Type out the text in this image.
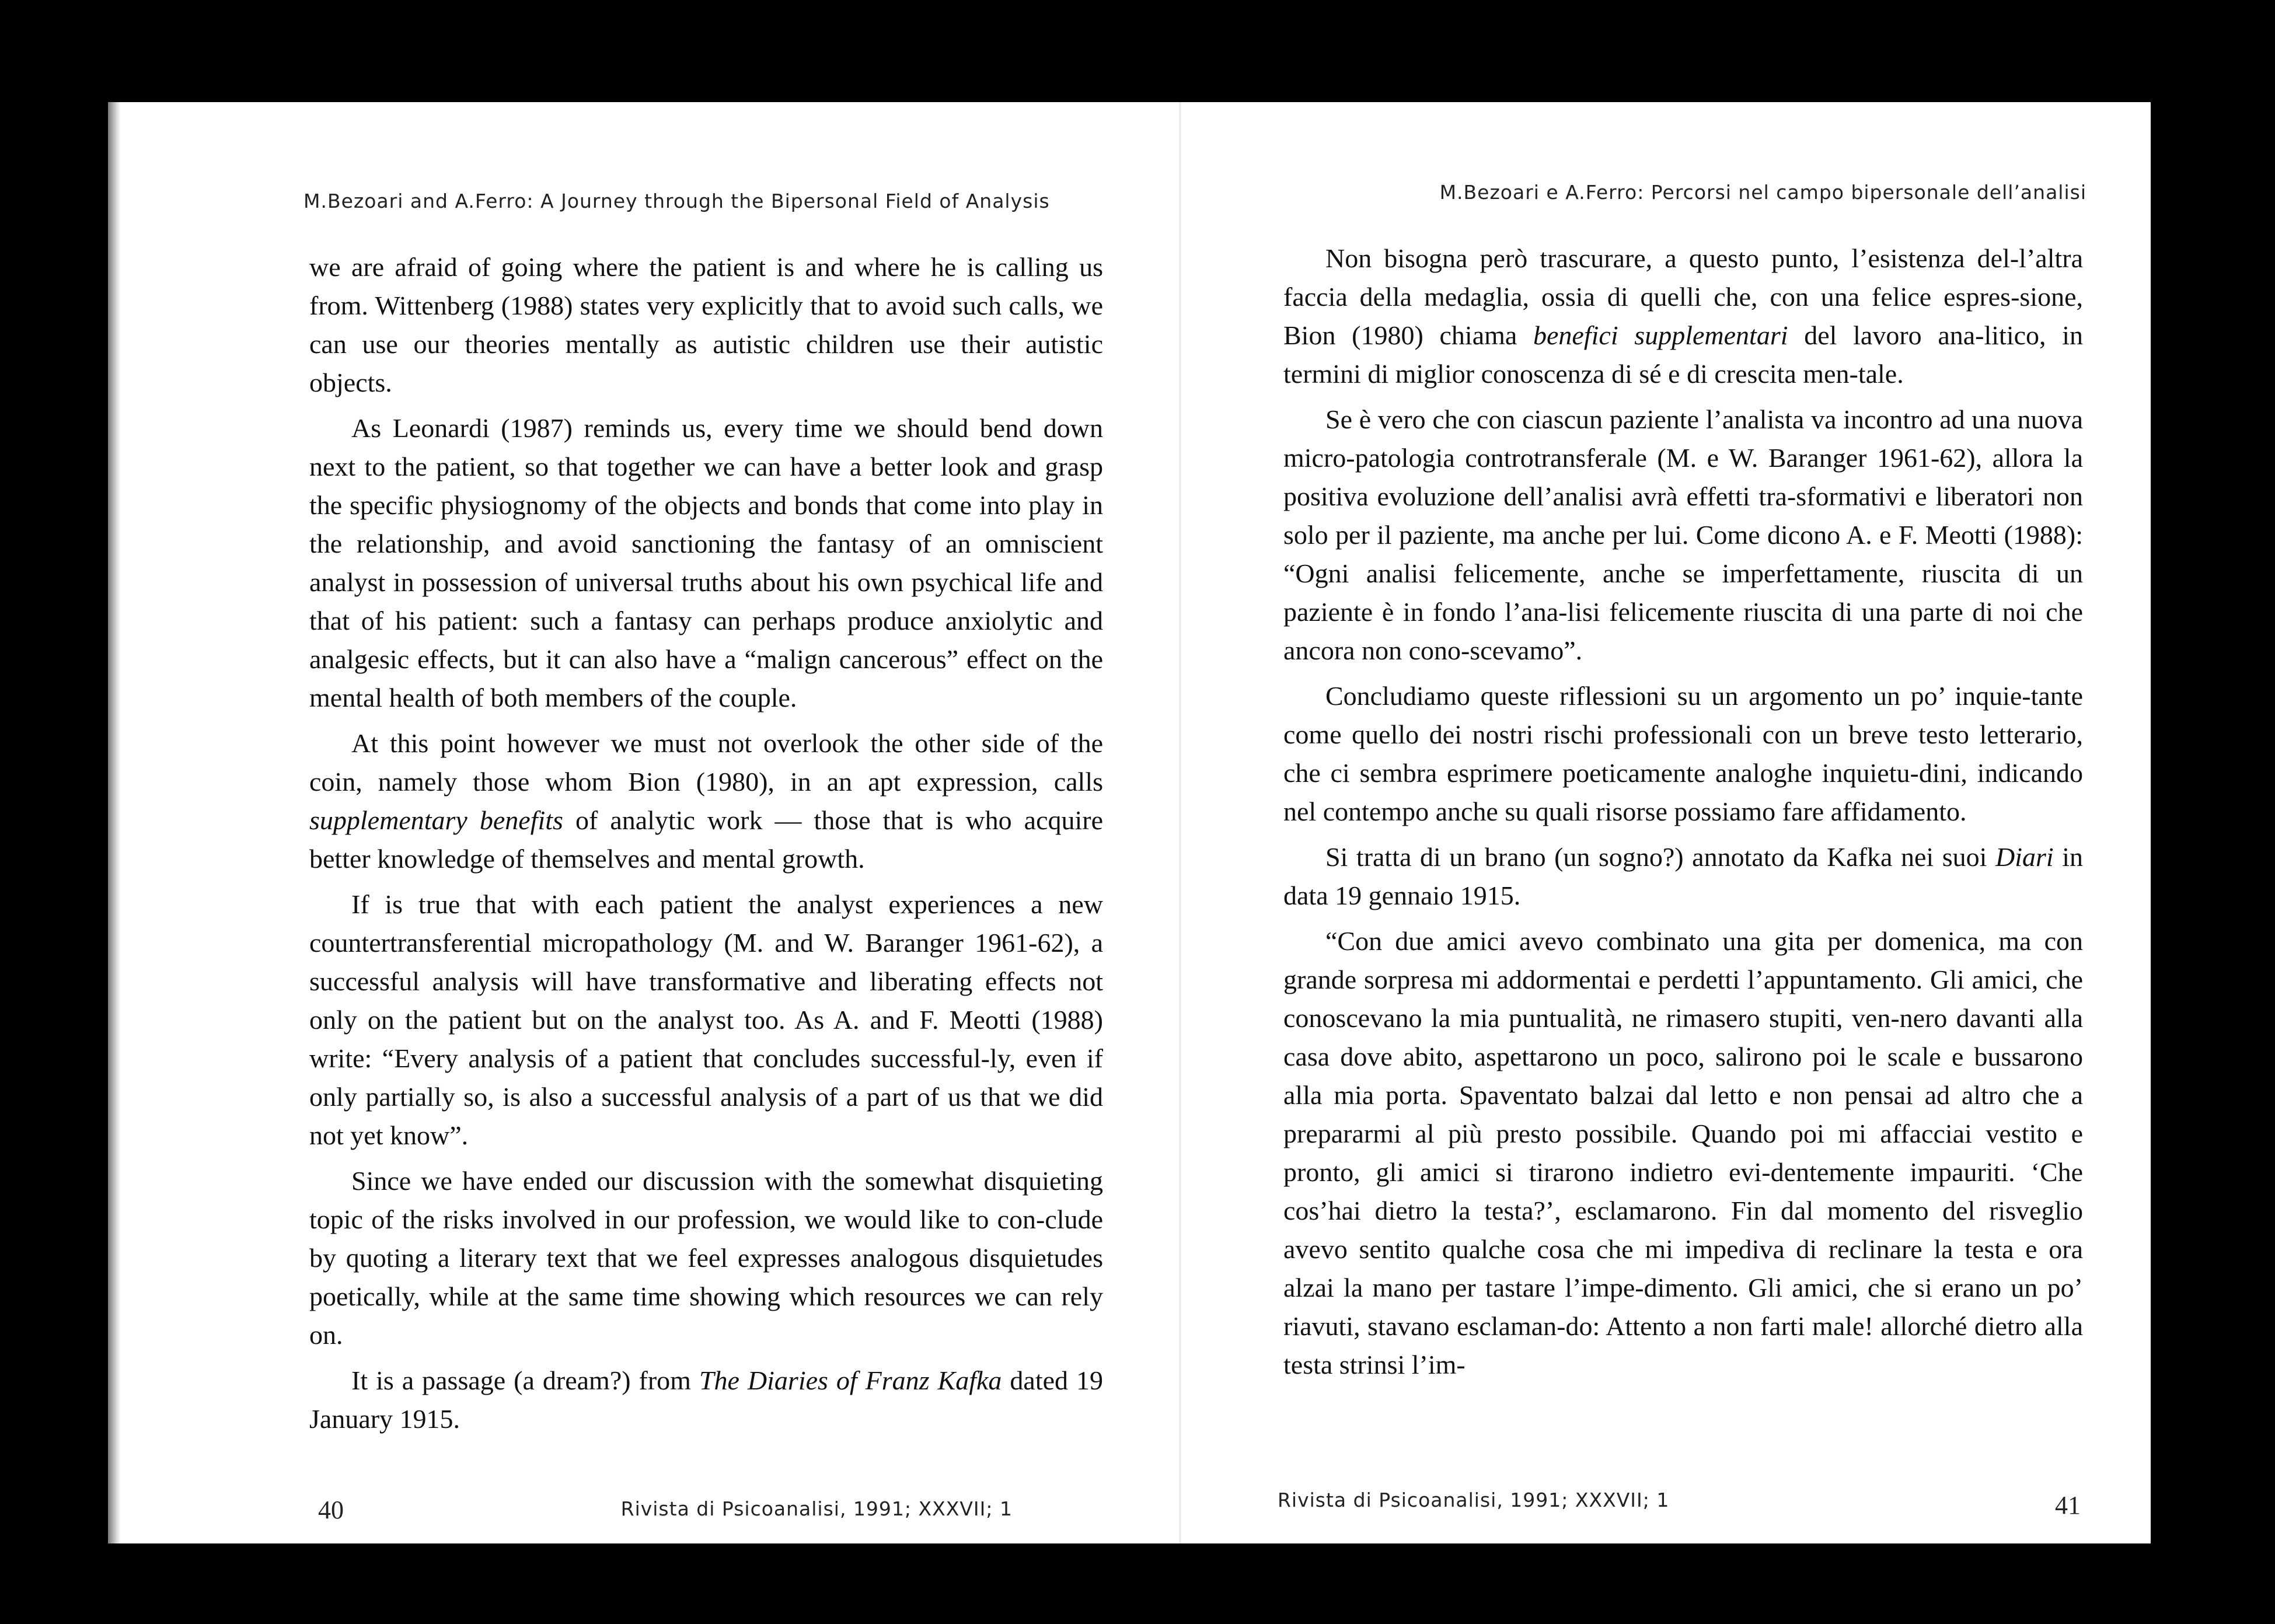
M.Bezoari and A.Ferro: A Journey through the Bipersonal Field of Analysis

we are afraid of going where the patient is and where he is calling us from. Wittenberg (1988) states very explicitly that to avoid such calls, we can use our theories mentally as autistic children use their autistic objects.

As Leonardi (1987) reminds us, every time we should bend down next to the patient, so that together we can have a better look and grasp the specific physiognomy of the objects and bonds that come into play in the relationship, and avoid sanctioning the fantasy of an omniscient analyst in possession of universal truths about his own psychical life and that of his patient: such a fantasy can perhaps produce anxiolytic and analgesic effects, but it can also have a “malign cancerous” effect on the mental health of both members of the couple.

At this point however we must not overlook the other side of the coin, namely those whom Bion (1980), in an apt expression, calls supplementary benefits of analytic work — those that is who acquire better knowledge of themselves and mental growth.

If is true that with each patient the analyst experiences a new countertransferential micropathology (M. and W. Baranger 1961-62), a successful analysis will have transformative and liberating effects not only on the patient but on the analyst too. As A. and F. Meotti (1988) write: “Every analysis of a patient that concludes successful-ly, even if only partially so, is also a successful analysis of a part of us that we did not yet know”.

Since we have ended our discussion with the somewhat disquieting topic of the risks involved in our profession, we would like to con-clude by quoting a literary text that we feel expresses analogous disquietudes poetically, while at the same time showing which resources we can rely on.

It is a passage (a dream?) from The Diaries of Franz Kafka dated 19 January 1915.

40	Rivista di Psicoanalisi, 1991; XXXVII; 1
M.Bezoari e A.Ferro: Percorsi nel campo bipersonale dell’analisi

Non bisogna però trascurare, a questo punto, l’esistenza del-l’altra faccia della medaglia, ossia di quelli che, con una felice espres-sione, Bion (1980) chiama benefici supplementari del lavoro ana-litico, in termini di miglior conoscenza di sé e di crescita men-tale.

Se è vero che con ciascun paziente l’analista va incontro ad una nuova micro-patologia controtransferale (M. e W. Baranger 1961-62), allora la positiva evoluzione dell’analisi avrà effetti tra-sformativi e liberatori non solo per il paziente, ma anche per lui. Come dicono A. e F. Meotti (1988): “Ogni analisi felicemente, anche se imperfettamente, riuscita di un paziente è in fondo l’ana-lisi felicemente riuscita di una parte di noi che ancora non cono-scevamo”.

Concludiamo queste riflessioni su un argomento un po’ inquie-tante come quello dei nostri rischi professionali con un breve testo letterario, che ci sembra esprimere poeticamente analoghe inquietu-dini, indicando nel contempo anche su quali risorse possiamo fare affidamento.

Si tratta di un brano (un sogno?) annotato da Kafka nei suoi Diari in data 19 gennaio 1915.

“Con due amici avevo combinato una gita per domenica, ma con grande sorpresa mi addormentai e perdetti l’appuntamento. Gli amici, che conoscevano la mia puntualità, ne rimasero stupiti, ven-nero davanti alla casa dove abito, aspettarono un poco, salirono poi le scale e bussarono alla mia porta. Spaventato balzai dal letto e non pensai ad altro che a prepararmi al più presto possibile. Quando poi mi affacciai vestito e pronto, gli amici si tirarono indietro evi-dentemente impauriti. ‘Che cos’hai dietro la testa?’, esclamarono. Fin dal momento del risveglio avevo sentito qualche cosa che mi impediva di reclinare la testa e ora alzai la mano per tastare l’impe-dimento. Gli amici, che si erano un po’ riavuti, stavano esclaman-do: Attento a non farti male! allorché dietro alla testa strinsi l’im-

Rivista di Psicoanalisi, 1991; XXXVII; 1	41
